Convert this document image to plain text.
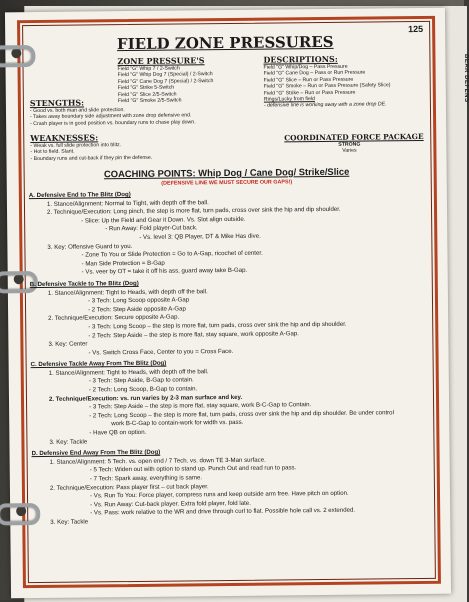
BEAR DEFENS
125
FIELD ZONE PRESSURES
ZONE PRESSURE'S
Field "G" Whip 7 / 2-Switch
Field "G" Whip Dog 7 (Special) / 2-Switch
Field "G" Cane Dog 7 (Special) / 2-Switch
Field "G" Strike 5-Switch
Field "G" Slice 2/5-Switch
Field "G" Smoke 2/5-Switch
DESCRIPTIONS:
Field "G" Whip/Dog – Pass Pressure
Field "G" Cane Dog – Pass or Run Pressure
Field "G" Slice – Run or Pass Pressure
Field "G" Smoke – Run or Pass Pressure (Safety Slice)
Field "G" Strike – Run or Pass Pressure
Rings/Lucky from field
- defensive line is working away with a zone drop DE.
STENGTHS:
- Good vs. both man and slide protection.
- Takes away boundary side adjustment with zone drop defensive end.
- Crash player is in good position vs. boundary runs to chase play down.
WEAKNESSES:
- Weak vs. full slide protection into blitz.
- Hot to field. Slant.
- Boundary runs and cut-back if they pin the defense.
COORDINATED FORCE PACKAGE
STRONG
Varies
COACHING POINTS: Whip Dog / Cane Dog/ Strike/Slice
(DEFENSIVE LINE WE MUST SECURE OUR GAPS!)
A. Defensive End to The Blitz (Dog)
1. Stance/Alignment: Normal to Tight, with depth off the ball.
2. Technique/Execution: Long pinch, the step is more flat, turn pads, cross over sink the hip and dip shoulder.
- Slice: Up the Field and Gear it Down. Vs. Slot align outside.
- Run Away: Fold player-Cut back.
- Vs. level 3: QB Player, DT & Mike Has dive.
3. Key: Offensive Guard to you.
- Zone To You or Slide Protection = Go to A-Gap, ricochet of center.
- Man Side Protection = B-Gap
- Vs. veer by OT = take it off his ass, guard away take B-Gap.
B. Defensive Tackle to The Blitz (Dog)
1. Stance/Alignment: Tight to Heads, with depth off the ball.
- 3 Tech: Long Scoop opposite A-Gap
- 2 Tech: Step Aside opposite A-Gap
2. Technique/Execution: Secure opposite A-Gap.
- 3 Tech: Long Scoop – the step is more flat, turn pads, cross over sink the hip and dip shoulder.
- 2 Tech: Step Aside – the step is more flat, stay square, work opposite A-Gap.
3. Key: Center
- Vs. Switch Cross Face, Center to you = Cross Face.
C. Defensive Tackle Away From The Blitz (Dog)
1. Stance/Alignment: Tight to Heads, with depth off the ball.
- 3 Tech: Step Aside, B-Gap to contain.
- 2 Tech: Long Scoop, B-Gap to contain.
2. Technique/Execution: vs. run varies by 2-3 man surface and key.
- 3 Tech: Step Aside – the step is more flat, stay square, work B-C-Gap to Contain.
- 2 Tech: Long Scoop – the step is more flat, turn pads, cross over sink the hip and dip shoulder. Be under control
work B-C-Gap to contain-work for width vs. pass.
- Have QB on option.
3. Key: Tackle
D. Defensive End Away From The Blitz (Dog)
1. Stance/Alignment: 5 Tech. vs. open end / 7 Tech. vs. down TE 3-Man surface.
- 5 Tech: Widen out with option to stand up. Punch Out and read run to pass.
- 7 Tech: Spark away, everything is same.
2. Technique/Execution: Pass player first – cut back player.
- Vs. Run To You: Force player, compress runs and keep outside arm free. Have pitch on option.
- Vs. Run Away: Cut-back player. Extra fold player, fold late.
- Vs. Pass: work relative to the WR and drive through curl to flat. Possible hole call vs. 2 extended.
3. Key: Tackle
